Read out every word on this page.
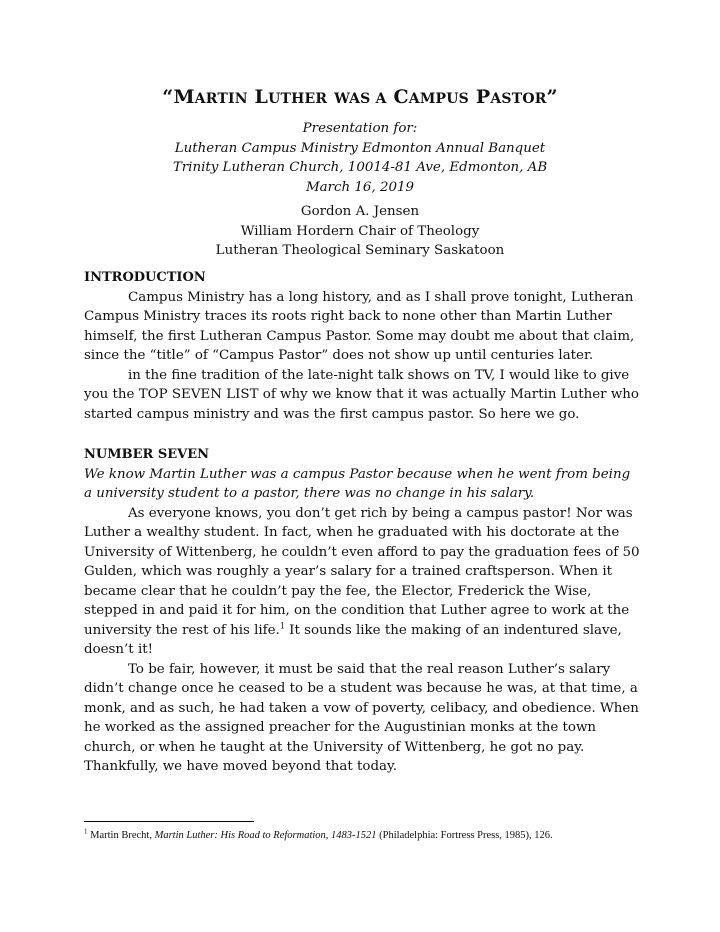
“MARTIN LUTHER WAS A CAMPUS PASTOR”
Presentation for:
Lutheran Campus Ministry Edmonton Annual Banquet
Trinity Lutheran Church, 10014-81 Ave, Edmonton, AB
March 16, 2019
Gordon A. Jensen
William Hordern Chair of Theology
Lutheran Theological Seminary Saskatoon
INTRODUCTION

Campus Ministry has a long history, and as I shall prove tonight, Lutheran Campus Ministry traces its roots right back to none other than Martin Luther himself, the first Lutheran Campus Pastor. Some may doubt me about that claim, since the “title” of “Campus Pastor” does not show up until centuries later.

in the fine tradition of the late-night talk shows on TV, I would like to give you the TOP SEVEN LIST of why we know that it was actually Martin Luther who started campus ministry and was the first campus pastor. So here we go.

NUMBER SEVEN

We know Martin Luther was a campus Pastor because when he went from being a university student to a pastor, there was no change in his salary.

As everyone knows, you don’t get rich by being a campus pastor! Nor was Luther a wealthy student. In fact, when he graduated with his doctorate at the University of Wittenberg, he couldn’t even afford to pay the graduation fees of 50 Gulden, which was roughly a year’s salary for a trained craftsperson. When it became clear that he couldn’t pay the fee, the Elector, Frederick the Wise, stepped in and paid it for him, on the condition that Luther agree to work at the university the rest of his life.$^1$ It sounds like the making of an indentured slave, doesn’t it!

To be fair, however, it must be said that the real reason Luther’s salary didn’t change once he ceased to be a student was because he was, at that time, a monk, and as such, he had taken a vow of poverty, celibacy, and obedience. When he worked as the assigned preacher for the Augustinian monks at the town church, or when he taught at the University of Wittenberg, he got no pay. Thankfully, we have moved beyond that today.

$^1$ Martin Brecht, Martin Luther: His Road to Reformation, 1483-1521 (Philadelphia: Fortress Press, 1985), 126.
